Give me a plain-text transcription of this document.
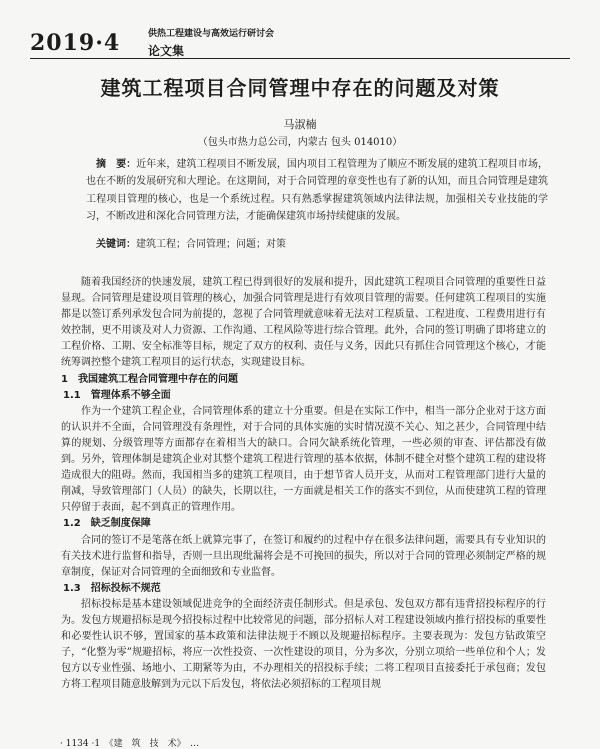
2019·4	供热工程建设与高效运行研讨会
论文集
建筑工程项目合同管理中存在的问题及对策
马淑楠
（包头市热力总公司，内蒙古 包头 014010）
摘　要：近年来，建筑工程项目不断发展，国内项目工程管理为了顺应不断发展的建筑工程项目市场，也在不断的发展研究和大理论。在这期间，对于合同管理的章变性也有了新的认知，而且合同管理是建筑工程项目管理的核心，也是一个系统过程。只有熟悉掌握建筑领域内法律法规，加强相关专业技能的学习，不断改进和深化合同管理方法，才能确保建筑市场持续健康的发展。
关键词：建筑工程；合同管理；问题；对策

随着我国经济的快速发展，建筑工程已得到很好的发展和提升，因此建筑工程项目合同管理的重要性日益显现。合同管理是建设项目管理的核心，加强合同管理是进行有效项目管理的需要。任何建筑工程项目的实施都是以签订系列承发包合同为前提的，忽视了合同管理就意味着无法对工程质量、工程进度、工程费用进行有效控制，更不用谈及对人力资源、工作沟通、工程风险等进行综合管理。此外，合同的签订明确了即将建立的工程价格、工期、安全标准等目标，规定了双方的权利、责任与义务，因此只有抓住合同管理这个核心，才能统筹调控整个建筑工程项目的运行状态，实现建设目标。

1　我国建筑工程合同管理中存在的问题
1.1　管理体系不够全面

作为一个建筑工程企业，合同管理体系的建立十分重要。但是在实际工作中，相当一部分企业对于这方面的认识并不全面，合同管理没有条理性，对于合同的具体实施的实时情况漠不关心、知之甚少，合同管理中结算的规划、分级管理等方面都存在着相当大的缺口。合同欠缺系统化管理，一些必须的审查、评估都没有做到。另外，管理体制是建筑企业对其整个建筑工程进行管理的基本依据，体制不健全对整个建筑工程的建设将造成很大的阻碍。然而，我国相当多的建筑工程项目，由于想节省人员开支，从而对工程管理部门进行大量的削减，导致管理部门（人员）的缺失，长期以往，一方面就是相关工作的落实不到位，从而使建筑工程的管理只停留于表面，起不到真正的管理作用。

1.2　缺乏制度保障

合同的签订不是笔落在纸上就算完事了，在签订和履约的过程中存在很多法律问题，需要具有专业知识的有关技术进行监督和指导，否则一旦出现纰漏将会是不可挽回的损失，所以对于合同的管理必须制定严格的规章制度，保证对合同管理的全面细致和专业监督。

1.3　招标投标不规范

招标投标是基本建设领域促进竞争的全面经济责任制形式。但是承包、发包双方都有违背招投标程序的行为。发包方规避招标是现今招投标过程中比较常见的问题，部分招标人对工程建设领域内推行招投标的重要性和必要性认识不够，置国家的基本政策和法律法规于不顾以及规避招标程序。主要表现为：发包方钻政策空子，“化整为零”规避招标，将应一次性投资、一次性建设的项目，分为多次，分别立项给一些单位和个人；发包方以专业性强、场地小、工期紧等为由，不办理相关的招投标手续；二将工程项目直接委托于承包商；发包方将工程项目随意肢解到为元以下后发包，将依法必须招标的工程项目规

· 1134 ·1　《建　筑　技　术》　…
